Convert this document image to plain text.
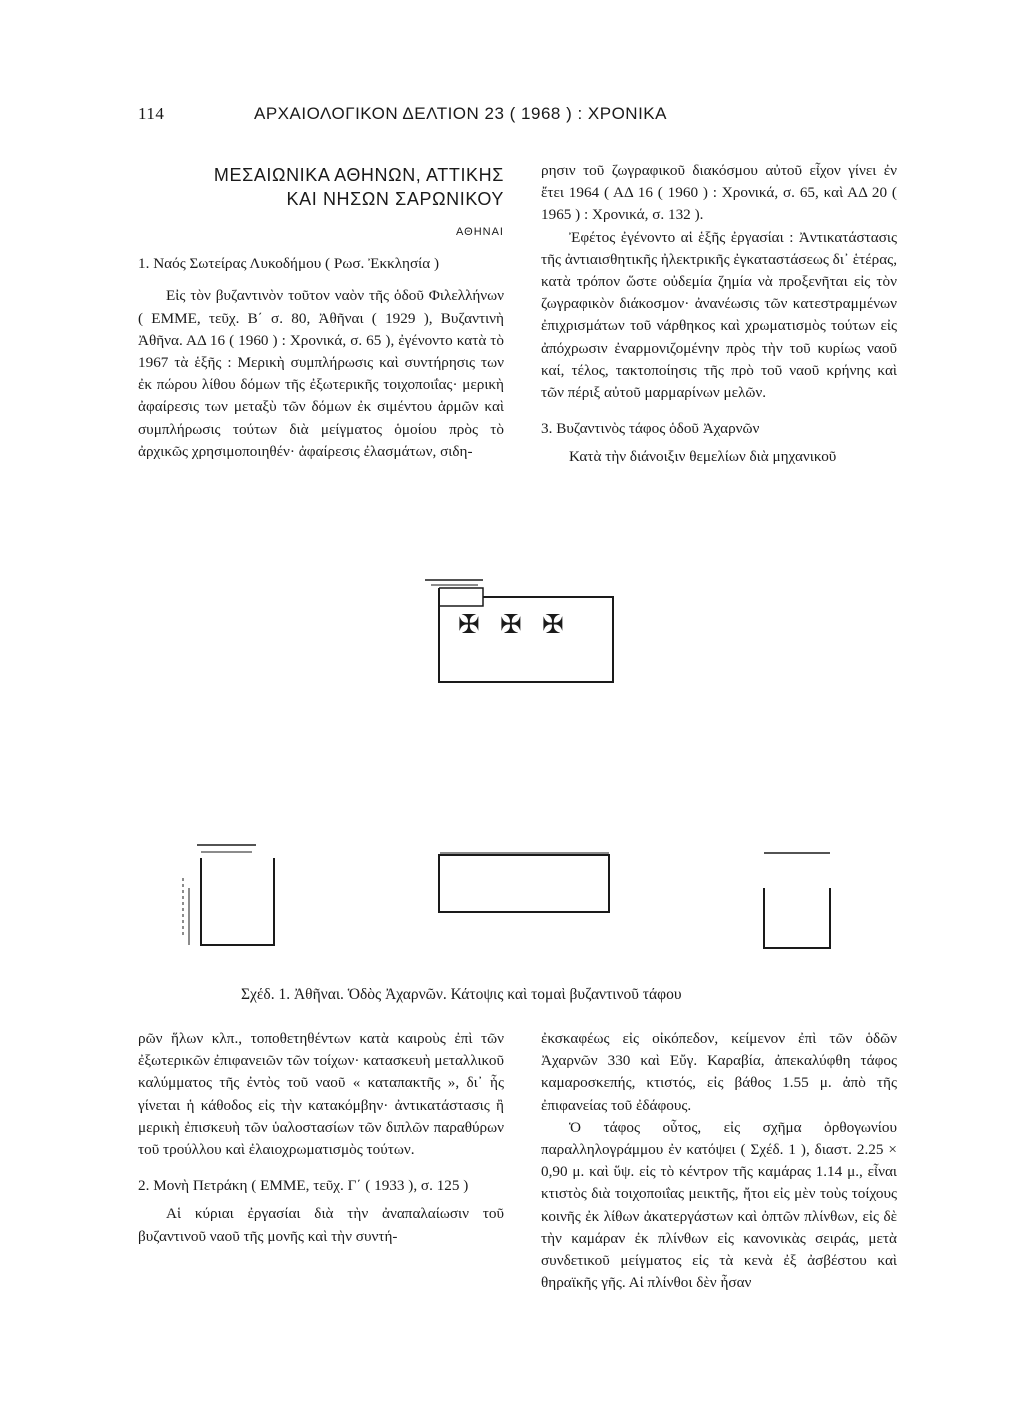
114	ΑΡΧΑΙΟΛΟΓΙΚΟΝ ΔΕΛΤΙΟΝ 23 ( 1968 ) : ΧΡΟΝΙΚΑ
ΜΕΣΑΙΩΝΙΚΑ ΑΘΗΝΩΝ, ΑΤΤΙΚΗΣ
ΚΑΙ ΝΗΣΩΝ ΣΑΡΩΝΙΚΟΥ
ΑΘΗΝΑΙ

1. Ναός Σωτείρας Λυκοδήμου ( Ρωσ. Ἐκκλησία )

Εἰς τὸν βυζαντινὸν τοῦτον ναὸν τῆς ὁδοῦ Φιλελλήνων ( ΕΜΜΕ, τεῦχ. Β΄ σ. 80, Ἀθῆναι ( 1929 ), Βυζαντινὴ Ἀθῆνα. ΑΔ 16 ( 1960 ) : Χρονικά, σ. 65 ), ἐγένοντο κατὰ τὸ 1967 τὰ ἑξῆς : Μερικὴ συμπλήρωσις καὶ συντήρησις των ἐκ πώρου λίθου δόμων τῆς ἐξωτερικῆς τοιχοποιΐας· μερικὴ ἀφαίρεσις των μεταξὺ τῶν δόμων ἐκ σιμέντου ἁρμῶν καὶ συμπλήρωσις τούτων διὰ μείγματος ὁμοίου πρὸς τὸ ἀρχικῶς χρησιμοποιηθέν· ἀφαίρεσις ἐλασμάτων, σιδη-

ρησιν τοῦ ζωγραφικοῦ διακόσμου αὐτοῦ εἶχον γίνει ἐν ἔτει 1964 ( ΑΔ 16 ( 1960 ) : Χρονικά, σ. 65, καὶ ΑΔ 20 ( 1965 ) : Χρονικά, σ. 132 ).

Ἐφέτος ἐγένοντο αἱ ἑξῆς ἐργασίαι : Ἀντικατάστασις τῆς ἀντιαισθητικῆς ἠλεκτρικῆς ἐγκαταστάσεως δι᾿ ἑτέρας, κατὰ τρόπον ὥστε οὐδεμία ζημία νὰ προξενῆται εἰς τὸν ζωγραφικὸν διάκοσμον· ἀνανέωσις τῶν κατεστραμμένων ἐπιχρισμάτων τοῦ νάρθηκος καὶ χρωματισμὸς τούτων εἰς ἀπόχρωσιν ἐναρμονιζομένην πρὸς τὴν τοῦ κυρίως ναοῦ καί, τέλος, τακτοποίησις τῆς πρὸ τοῦ ναοῦ κρήνης καὶ τῶν πέριξ αὐτοῦ μαρμαρίνων μελῶν.

3. Βυζαντινὸς τάφος ὁδοῦ Ἀχαρνῶν

Κατὰ τὴν διάνοιξιν θεμελίων διὰ μηχανικοῦ

✠ ✠ ✠
Σχέδ. 1. Ἀθῆναι. Ὁδὸς Ἀχαρνῶν. Κάτοψις καὶ τομαὶ βυζαντινοῦ τάφου

ρῶν ἥλων κλπ., τοποθετηθέντων κατὰ καιροὺς ἐπὶ τῶν ἐξωτερικῶν ἐπιφανειῶν τῶν τοίχων· κατασκευὴ μεταλλικοῦ καλύμματος τῆς ἐντὸς τοῦ ναοῦ « καταπακτῆς », δι᾿ ἧς γίνεται ἡ κάθοδος εἰς τὴν κατακόμβην· ἀντικατάστασις ἢ μερικὴ ἐπισκευὴ τῶν ὑαλοστασίων τῶν διπλῶν παραθύρων τοῦ τρούλλου καὶ ἐλαιοχρωματισμὸς τούτων.

2. Μονὴ Πετράκη ( ΕΜΜΕ, τεῦχ. Γ΄ ( 1933 ), σ. 125 )

Αἱ κύριαι ἐργασίαι διὰ τὴν ἀναπαλαίωσιν τοῦ βυζαντινοῦ ναοῦ τῆς μονῆς καὶ τὴν συντή-

ἐκσκαφέως εἰς οἰκόπεδον, κείμενον ἐπὶ τῶν ὁδῶν Ἀχαρνῶν 330 καὶ Εὔγ. Καραβία, ἀπεκαλύφθη τάφος καμαροσκεπής, κτιστός, εἰς βάθος 1.55 μ. ἀπὸ τῆς ἐπιφανείας τοῦ ἐδάφους.

Ὁ τάφος οὗτος, εἰς σχῆμα ὀρθογωνίου παραλληλογράμμου ἐν κατόψει ( Σχέδ. 1 ), διαστ. 2.25 × 0,90 μ. καὶ ὕψ. εἰς τὸ κέντρον τῆς καμάρας 1.14 μ., εἶναι κτιστὸς διὰ τοιχοποιΐας μεικτῆς, ἤτοι εἰς μὲν τοὺς τοίχους κοινῆς ἐκ λίθων ἀκατεργάστων καὶ ὀπτῶν πλίνθων, εἰς δὲ τὴν καμάραν ἐκ πλίνθων εἰς κανονικὰς σειράς, μετὰ συνδετικοῦ μείγματος εἰς τὰ κενὰ ἐξ ἀσβέστου καὶ θηραϊκῆς γῆς. Αἱ πλίνθοι δὲν ἦσαν
